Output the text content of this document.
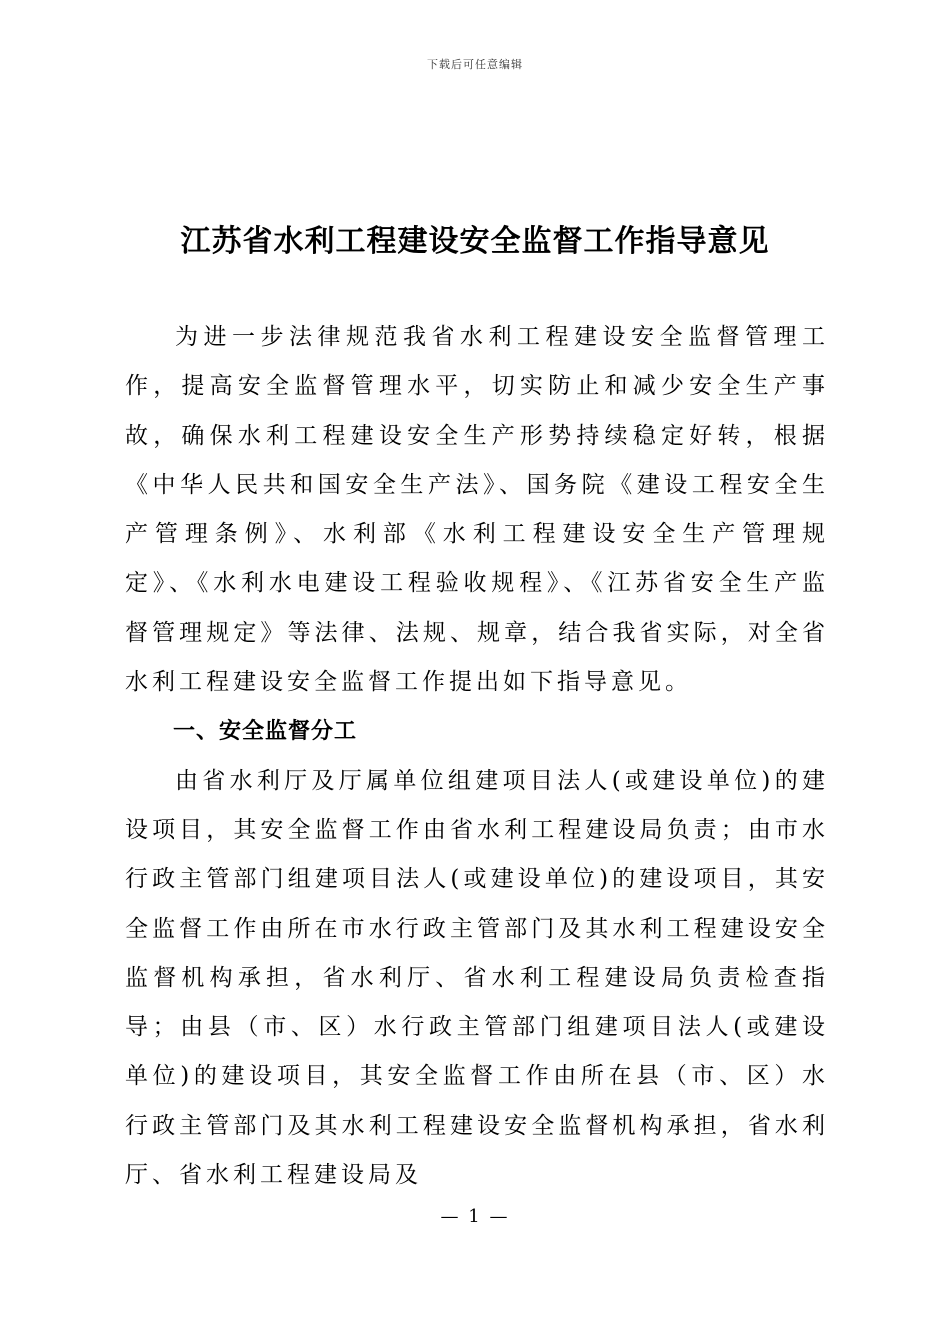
下载后可任意编辑
江苏省水利工程建设安全监督工作指导意见

为进一步法律规范我省水利工程建设安全监督管理工作，提高安全监督管理水平，切实防止和减少安全生产事故，确保水利工程建设安全生产形势持续稳定好转，根据《中华人民共和国安全生产法》、国务院《建设工程安全生产管理条例》、水利部《水利工程建设安全生产管理规定》、《水利水电建设工程验收规程》、《江苏省安全生产监督管理规定》等法律、法规、规章，结合我省实际，对全省水利工程建设安全监督工作提出如下指导意见。

一、安全监督分工

由省水利厅及厅属单位组建项目法人(或建设单位)的建设项目，其安全监督工作由省水利工程建设局负责；由市水行政主管部门组建项目法人(或建设单位)的建设项目，其安全监督工作由所在市水行政主管部门及其水利工程建设安全监督机构承担，省水利厅、省水利工程建设局负责检查指导；由县（市、区）水行政主管部门组建项目法人(或建设单位)的建设项目，其安全监督工作由所在县（市、区）水行政主管部门及其水利工程建设安全监督机构承担，省水利厅、省水利工程建设局及

— 1 —
